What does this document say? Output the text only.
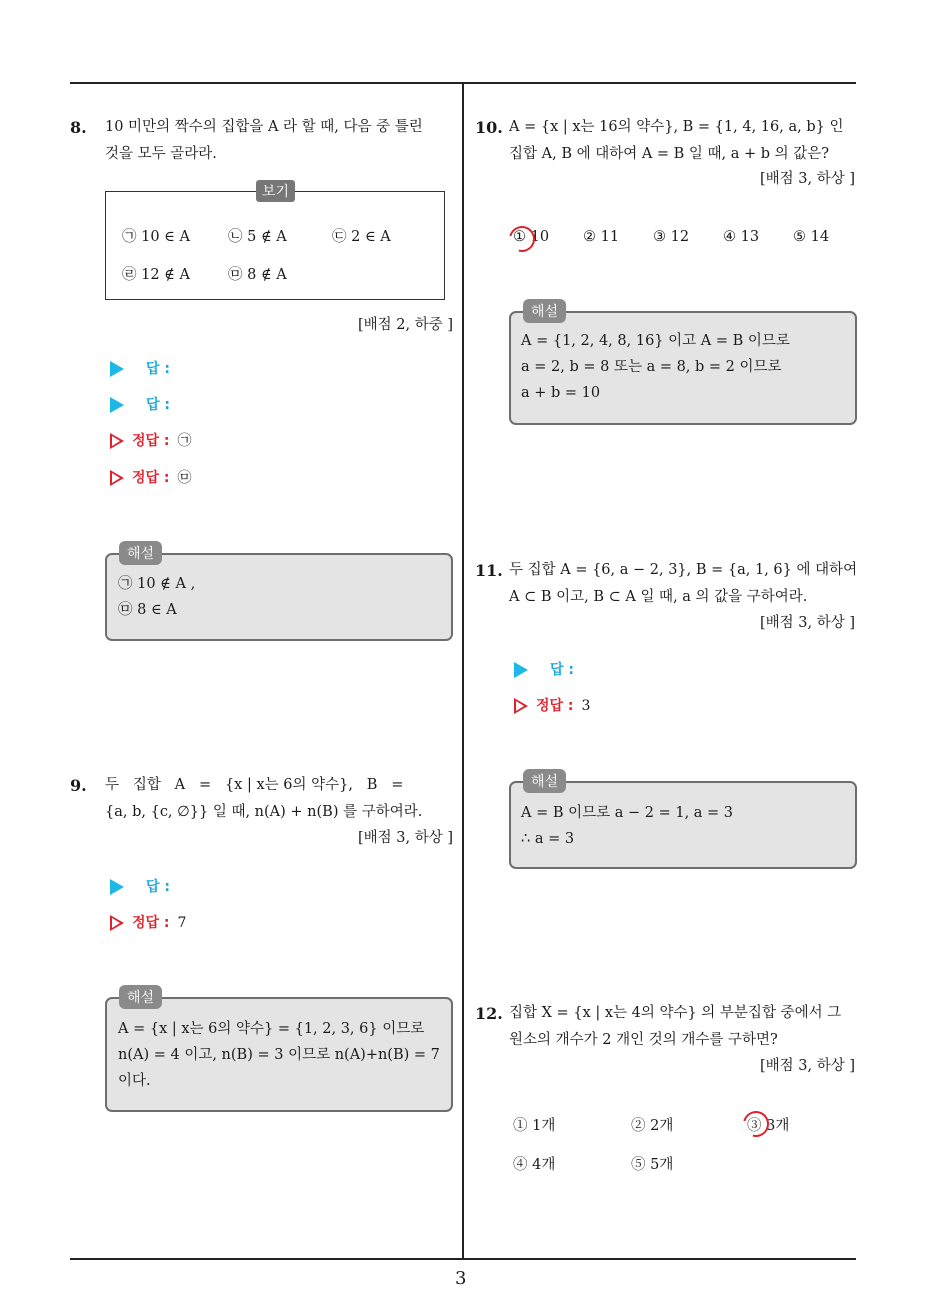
3
8. 10 미만의 짝수의 집합을 A 라 할 때, 다음 중 틀린
것을 모두 골라라.
보기
㉠ 10 ∈ A	㉡ 5 ∉ A	㉢ 2 ∈ A
㉣ 12 ∉ A	㉤ 8 ∉ A
[배점 2, 하중 ]
답 :
답 :
정답 : ㉠
정답 : ㉤
해설
㉠ 10 ∉ A ,
㉤ 8 ∈ A
9. 두   집합   A   =   {x | x는 6의 약수},   B   =
{a, b, {c, ∅}} 일 때, n(A) + n(B) 를 구하여라.
[배점 3, 하상 ]
답 :
정답 : 7
해설
A = {x | x는 6의 약수} = {1, 2, 3, 6} 이므로
n(A) = 4 이고, n(B) = 3 이므로 n(A)+n(B) = 7
이다.
10. A = {x | x는 16의 약수}, B = {1, 4, 16, a, b} 인
집합 A, B 에 대하여 A = B 일 때, a + b 의 값은?
[배점 3, 하상 ]
① 10 ② 11 ③ 12 ④ 13 ⑤ 14
해설
A = {1, 2, 4, 8, 16} 이고 A = B 이므로
a = 2, b = 8 또는 a = 8, b = 2 이므로
a + b = 10
11. 두 집합 A = {6, a − 2, 3}, B = {a, 1, 6} 에 대하여
A ⊂ B 이고, B ⊂ A 일 때, a 의 값을 구하여라.
[배점 3, 하상 ]
답 :
정답 : 3
해설
A = B 이므로 a − 2 = 1, a = 3
∴ a = 3
12. 집합 X = {x | x는 4의 약수} 의 부분집합 중에서 그
원소의 개수가 2 개인 것의 개수를 구하면?
[배점 3, 하상 ]
① 1개	② 2개	③ 3개
④ 4개	⑤ 5개
